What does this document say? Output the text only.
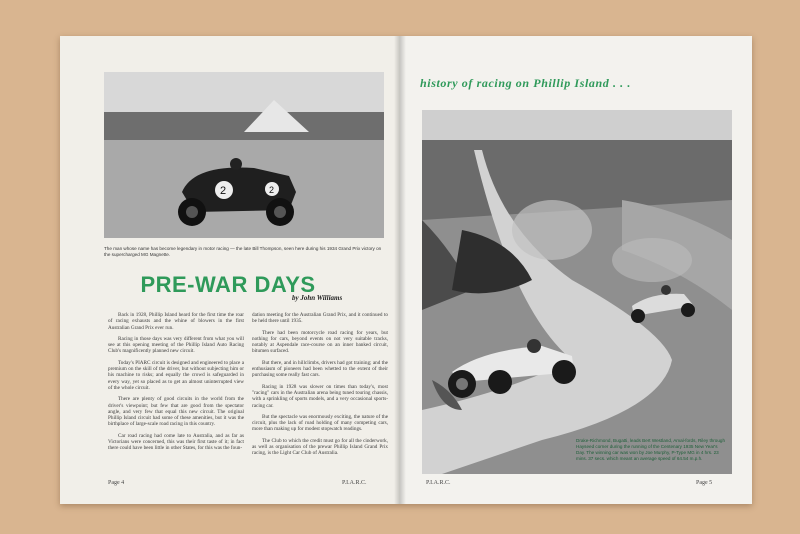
2	2
The man whose name has become legendary in motor racing — the late Bill Thompson, seen here during his 1934 Grand Prix victory on the supercharged MG Magnette.
PRE-WAR DAYS
by John Williams

Back in 1928, Phillip Island heard for the first time the roar of racing exhausts and the whine of blowers in the first Australian Grand Prix ever run.

Racing in those days was very different from what you will see at this opening meeting of the Phillip Island Auto Racing Club's magnificently planned new circuit.

Today's PIARC circuit is designed and engineered to place a premium on the skill of the driver, but without subjecting him or his machine to risks; and equally the crowd is safeguarded in every way, yet so placed as to get an almost uninterrupted view of the whole circuit.

There are plenty of good circuits in the world from the driver's viewpoint; but few that are good from the spectator angle, and very few that equal this new circuit. The original Phillip Island circuit had some of these amenities, but it was the birthplace of large-scale road racing in this country.

Car road racing had come late to Australia, and as far as Victorians were concerned, this was their first taste of it; in fact there could have been little in other States, for this was the foun-

dation meeting for the Australian Grand Prix, and it continued to be held there until 1935.

There had been motorcycle road racing for years, but nothing for cars, beyond events on not very suitable tracks, notably at Aspendale race-course on an inner banked circuit, bitumen surfaced.

But there, and in hillclimbs, drivers had got training; and the enthusiasm of pioneers had been whetted to the extent of their purchasing some really fast cars.

Racing in 1928 was slower on times than today's, most "racing" cars in the Australian arena being tuned touring chassis, with a sprinkling of sports models, and a very occasional sports-racing car.

But the spectacle was enormously exciting, the nature of the circuit, plus the lack of road holding of many competing cars, more than making up for modest stopwatch readings.

The Club to which the credit must go for all the cinderwork, as well as organisation of the prewar Phillip Island Grand Prix racing, is the Light Car Club of Australia.

Page 4	P.I.A.R.C.
history of racing on Phillip Island . . .
Drake-Richmond, Bugatti, leads Bert Westland, Amal-fords, Riley through Hayseed corner during the running of the Centenary 1935 New Year's Day. The winning car was won by Joe Murphy, P-Type MG in 4 hrs. 23 mins. 37 secs. which meant an average speed of 64.54 m.p.h.
P.I.A.R.C.	Page 5
